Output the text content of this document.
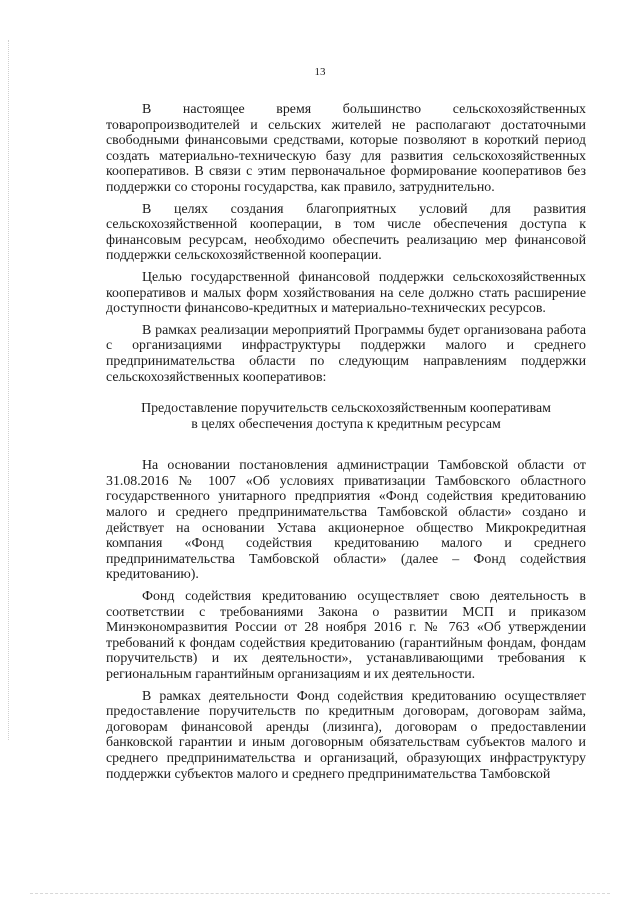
13

В настоящее время большинство сельскохозяйственных товаропроизводителей и сельских жителей не располагают достаточными свободными финансовыми средствами, которые позволяют в короткий период создать материально-техническую базу для развития сельскохозяйственных кооперативов. В связи с этим первоначальное формирование кооперативов без поддержки со стороны государства, как правило, затруднительно.

В целях создания благоприятных условий для развития сельскохозяйственной кооперации, в том числе обеспечения доступа к финансовым ресурсам, необходимо обеспечить реализацию мер финансовой поддержки сельскохозяйственной кооперации.

Целью государственной финансовой поддержки сельскохозяйственных кооперативов и малых форм хозяйствования на селе должно стать расширение доступности финансово-кредитных и материально-технических ресурсов.

В рамках реализации мероприятий Программы будет организована работа с организациями инфраструктуры поддержки малого и среднего предпринимательства области по следующим направлениям поддержки сельскохозяйственных кооперативов:

Предоставление поручительств сельскохозяйственным кооперативам
в целях обеспечения доступа к кредитным ресурсам

На основании постановления администрации Тамбовской области от 31.08.2016 № 1007 «Об условиях приватизации Тамбовского областного государственного унитарного предприятия «Фонд содействия кредитованию малого и среднего предпринимательства Тамбовской области» создано и действует на основании Устава акционерное общество Микрокредитная компания «Фонд содействия кредитованию малого и среднего предпринимательства Тамбовской области» (далее – Фонд содействия кредитованию).

Фонд содействия кредитованию осуществляет свою деятельность в соответствии с требованиями Закона о развитии МСП и приказом Минэкономразвития России от 28 ноября 2016 г. № 763 «Об утверждении требований к фондам содействия кредитованию (гарантийным фондам, фондам поручительств) и их деятельности», устанавливающими требования к региональным гарантийным организациям и их деятельности.

В рамках деятельности Фонд содействия кредитованию осуществляет предоставление поручительств по кредитным договорам, договорам займа, договорам финансовой аренды (лизинга), договорам о предоставлении банковской гарантии и иным договорным обязательствам субъектов малого и среднего предпринимательства и организаций, образующих инфраструктуру поддержки субъектов малого и среднего предпринимательства Тамбовской
